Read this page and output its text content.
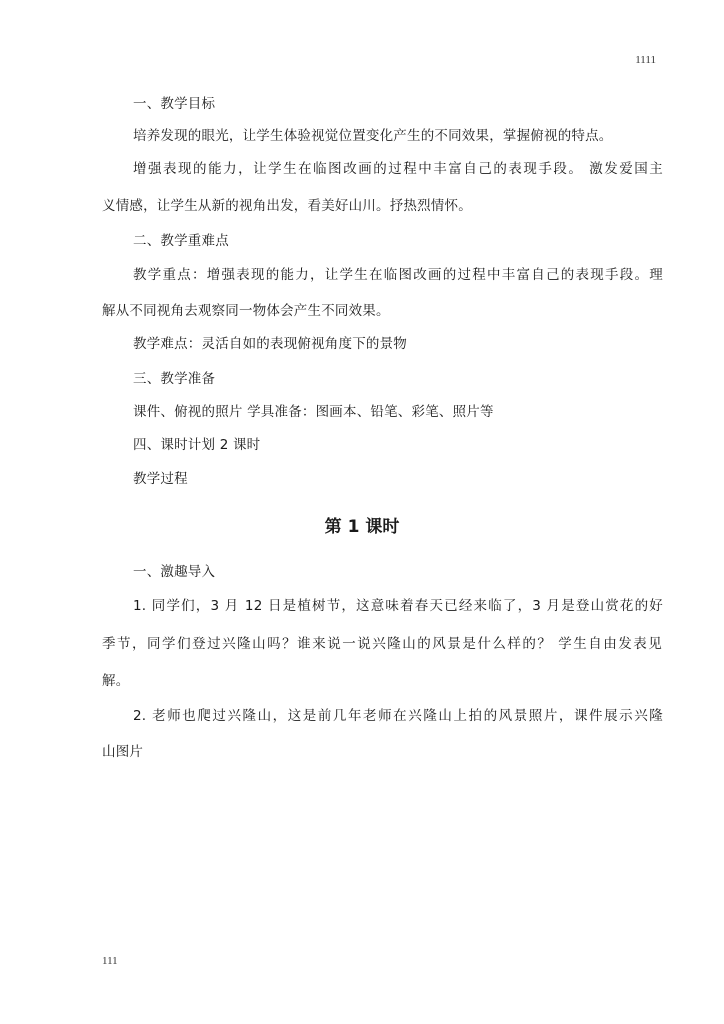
1111
一、教学目标
培养发现的眼光，让学生体验视觉位置变化产生的不同效果，掌握俯视的特点。
增强表现的能力，让学生在临图改画的过程中丰富自己的表现手段。 激发爱国主
义情感，让学生从新的视角出发，看美好山川。抒热烈情怀。
二、教学重难点
教学重点：增强表现的能力，让学生在临图改画的过程中丰富自己的表现手段。理
解从不同视角去观察同一物体会产生不同效果。
教学难点：灵活自如的表现俯视角度下的景物
三、教学准备
课件、俯视的照片 学具准备：图画本、铅笔、彩笔、照片等
四、课时计划 2 课时
教学过程
第 1 课时
一、激趣导入
1. 同学们，3 月 12 日是植树节，这意味着春天已经来临了，3 月是登山赏花的好
季节，同学们登过兴隆山吗？谁来说一说兴隆山的风景是什么样的？ 学生自由发表见
解。
2. 老师也爬过兴隆山，这是前几年老师在兴隆山上拍的风景照片，课件展示兴隆
山图片
111
